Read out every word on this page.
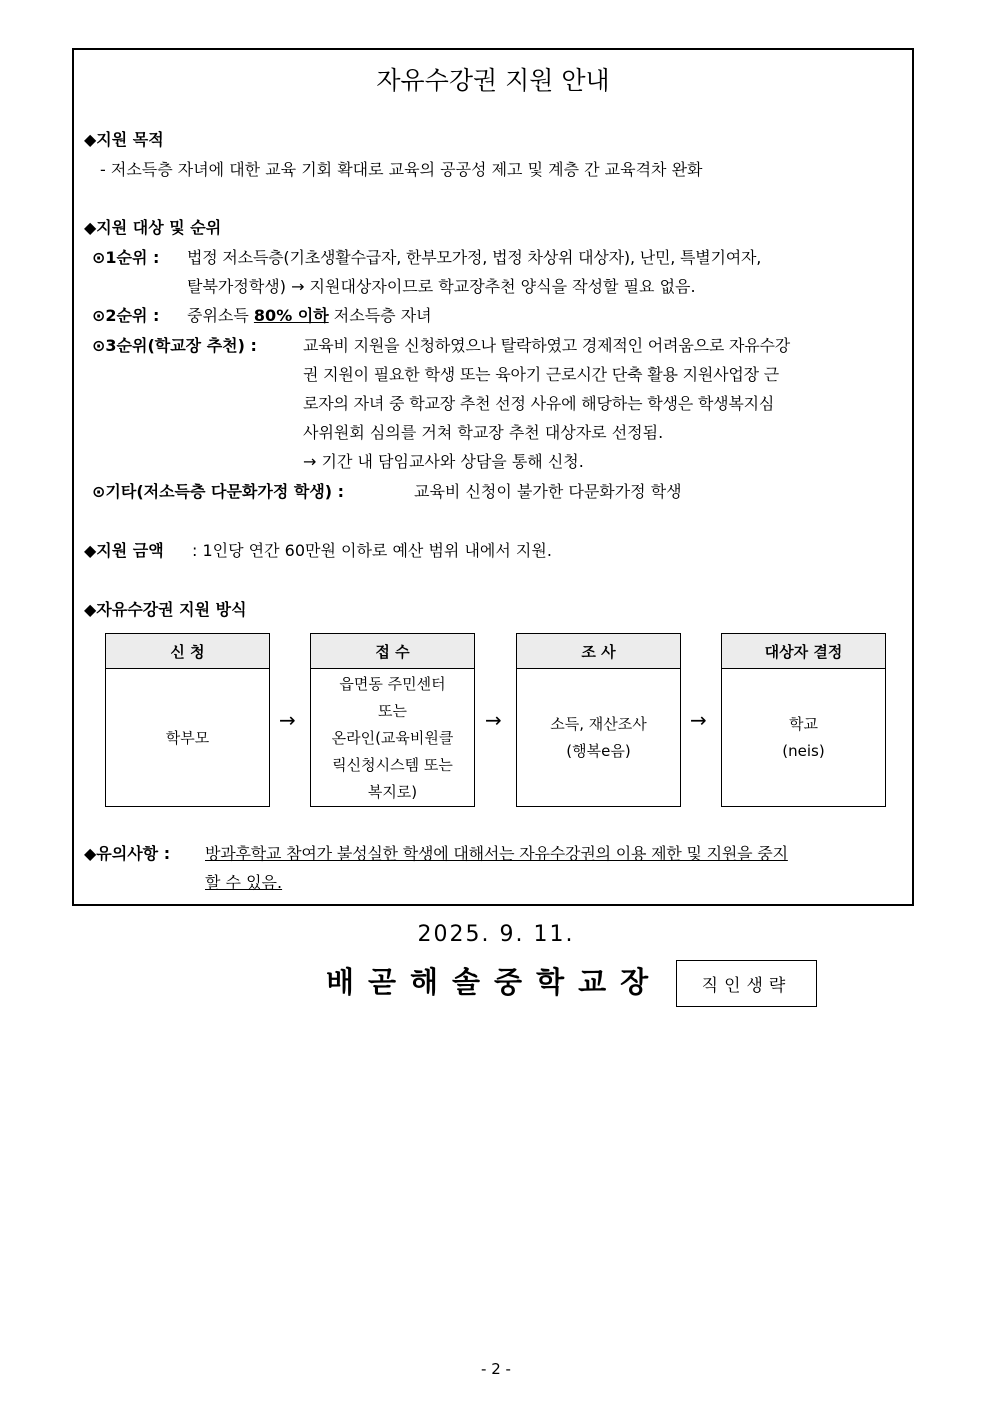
자유수강권 지원 안내
◆지원 목적
- 저소득층 자녀에 대한 교육 기회 확대로 교육의 공공성 제고 및 계층 간 교육격차 완화
◆지원 대상 및 순위
⊙1순위 : 법정 저소득층(기초생활수급자, 한부모가정, 법정 차상위 대상자), 난민, 특별기여자,
탈북가정학생) → 지원대상자이므로 학교장추천 양식을 작성할 필요 없음.
⊙2순위 : 중위소득 80% 이하 저소득층 자녀
⊙3순위(학교장 추천) :	교육비 지원을 신청하였으나 탈락하였고 경제적인 어려움으로 자유수강
권 지원이 필요한 학생 또는 육아기 근로시간 단축 활용 지원사업장 근
로자의 자녀 중 학교장 추천 선정 사유에 해당하는 학생은 학생복지심
사위원회 심의를 거쳐 학교장 추천 대상자로 선정됨.
→ 기간 내 담임교사와 상담을 통해 신청.
⊙기타(저소득층 다문화가정 학생) :	교육비 신청이 불가한 다문화가정 학생
◆지원 금액 : 1인당 연간 60만원 이하로 예산 범위 내에서 지원.
◆자유수강권 지원 방식
신 청
학부모
→
접 수
읍면동 주민센터
또는
온라인(교육비원클
릭신청시스템 또는
복지로)
→
조 사
소득, 재산조사
(행복e음)
→
대상자 결정
학교
(neis)
◆유의사항 : 방과후학교 참여가 불성실한 학생에 대해서는 자유수강권의 이용 제한 및 지원을 중지
할 수 있음.
2025. 9. 11.
배곧해솔중학교장	직인생략
- 2 -
